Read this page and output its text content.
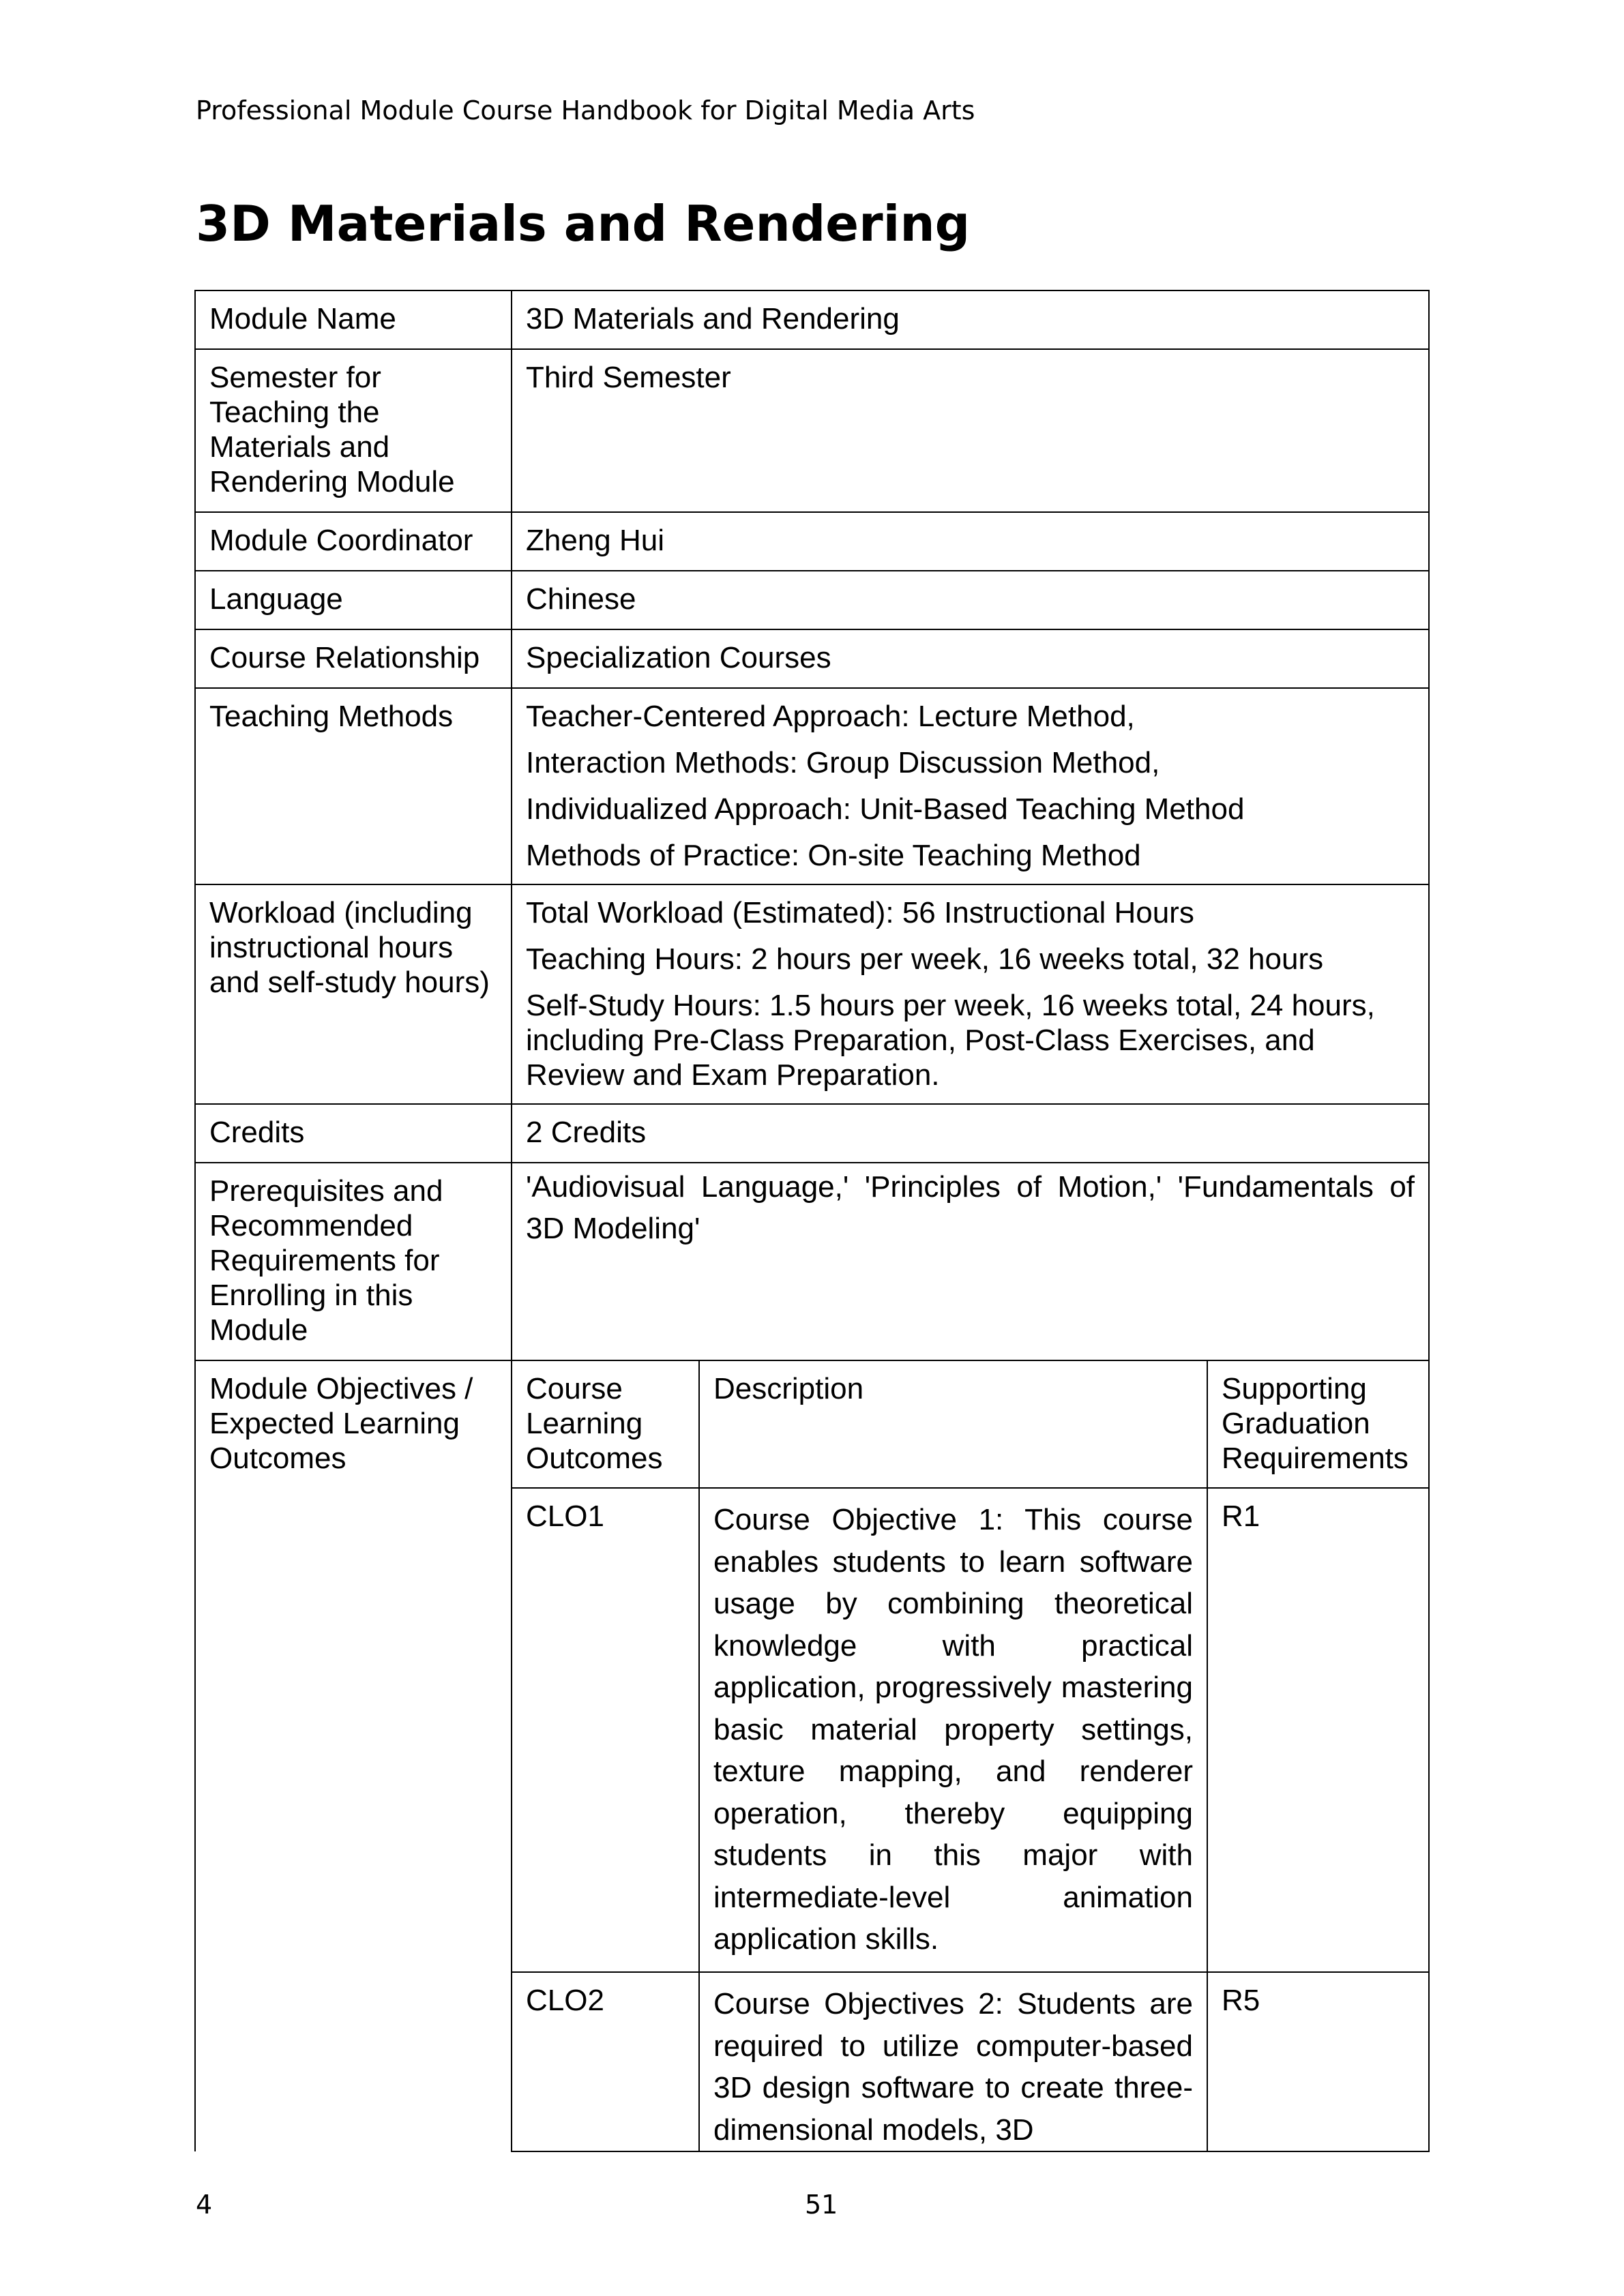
Professional Module Course Handbook for Digital Media Arts
3D Materials and Rendering
Module Name	3D Materials and Rendering		
Semester for Teaching the Materials and Rendering Module	Third Semester		
Module Coordinator	Zheng Hui		
Language	Chinese		
Course Relationship	Specialization Courses		
Teaching Methods	Teacher-Centered Approach: Lecture Method,
Interaction Methods: Group Discussion Method,
Individualized Approach: Unit-Based Teaching Method
Methods of Practice: On-site Teaching Method		

Workload (including instructional hours and self-study hours)	Total Workload (Estimated): 56 Instructional Hours
Teaching Hours: 2 hours per week, 16 weeks total, 32 hours
Self-Study Hours: 1.5 hours per week, 16 weeks total, 24 hours, including Pre-Class Preparation, Post-Class Exercises, and Review and Exam Preparation.		

Credits	2 Credits		
Prerequisites and Recommended Requirements for Enrolling in this Module	'Audiovisual Language,' 'Principles of Motion,' 'Fundamentals of 3D Modeling'		
Module Objectives / Expected Learning Outcomes	Course Learning Outcomes	Description	Supporting Graduation Requirements
	CLO1	Course Objective 1: This course enables students to learn software usage by combining theoretical knowledge with practical application, progressively mastering basic material property settings, texture mapping, and renderer operation, thereby equipping students in this major with intermediate-level animation application skills.	R1
	CLO2	Course Objectives 2: Students are required to utilize computer-based 3D design software to create three-dimensional models, 3D	R5
4	51
